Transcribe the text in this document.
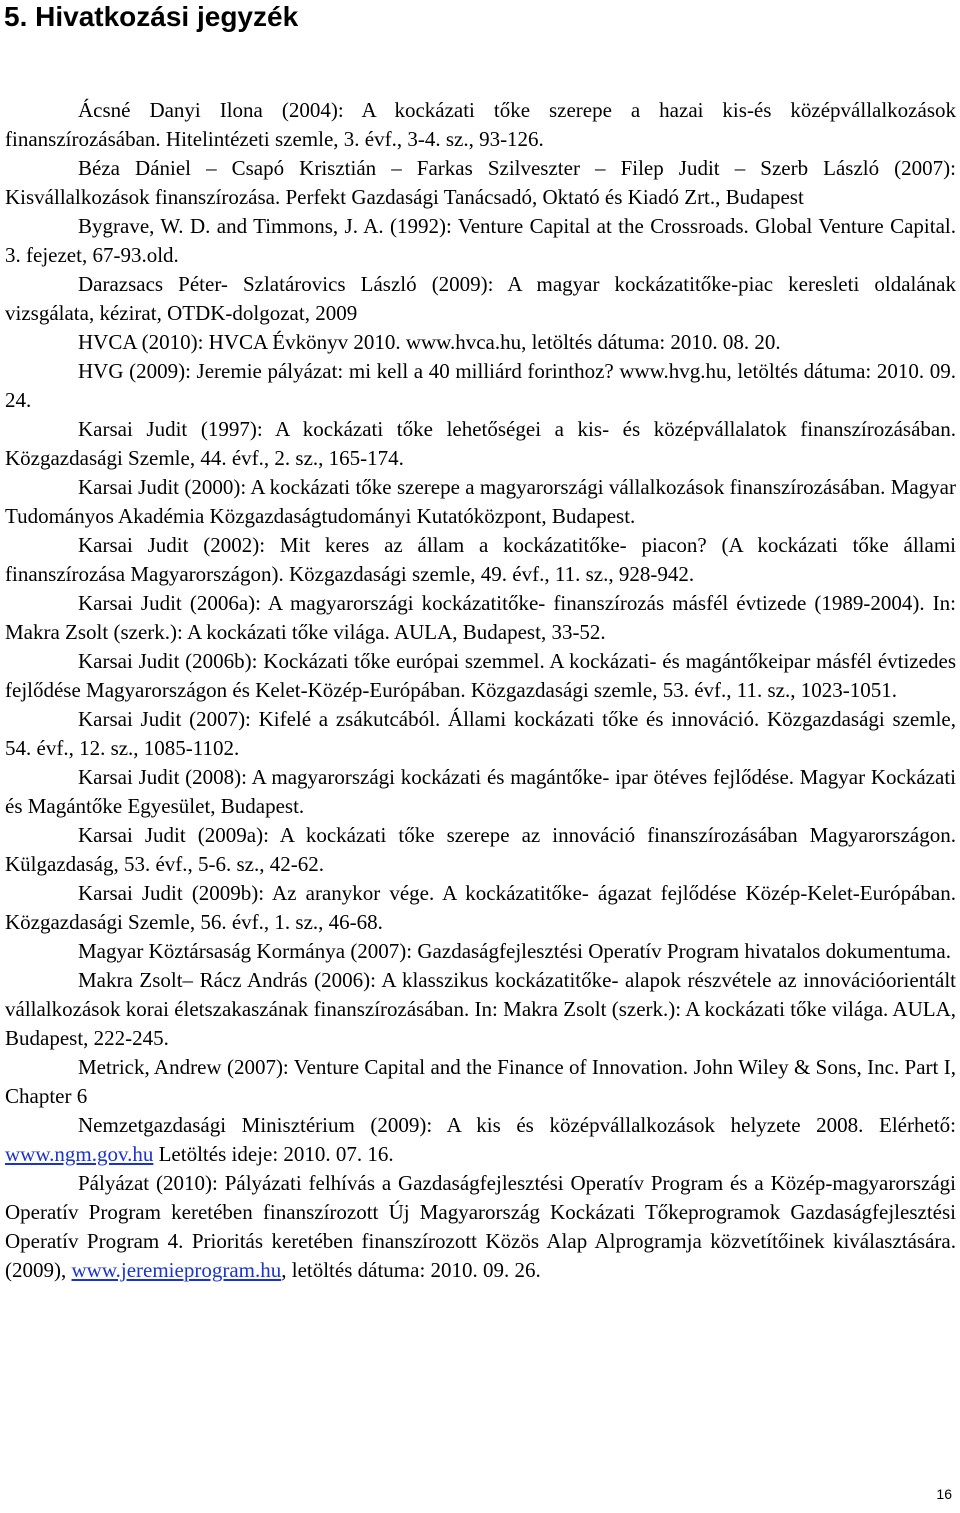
5. Hivatkozási jegyzék

Ácsné Danyi Ilona (2004): A kockázati tőke szerepe a hazai kis-és középvállalkozások finanszírozásában. Hitelintézeti szemle, 3. évf., 3-4. sz., 93-126.

Béza Dániel – Csapó Krisztián – Farkas Szilveszter – Filep Judit – Szerb László (2007): Kisvállalkozások finanszírozása. Perfekt Gazdasági Tanácsadó, Oktató és Kiadó Zrt., Budapest

Bygrave, W. D. and Timmons, J. A. (1992): Venture Capital at the Crossroads. Global Venture Capital. 3. fejezet, 67-93.old.

Darazsacs Péter- Szlatárovics László (2009): A magyar kockázatitőke-piac keresleti oldalának vizsgálata, kézirat, OTDK-dolgozat, 2009

HVCA (2010): HVCA Évkönyv 2010. www.hvca.hu, letöltés dátuma: 2010. 08. 20.

HVG (2009): Jeremie pályázat: mi kell a 40 milliárd forinthoz? www.hvg.hu, letöltés dátuma: 2010. 09. 24.

Karsai Judit (1997): A kockázati tőke lehetőségei a kis- és középvállalatok finanszírozásában. Közgazdasági Szemle, 44. évf., 2. sz., 165-174.

Karsai Judit (2000): A kockázati tőke szerepe a magyarországi vállalkozások finanszírozásában. Magyar Tudományos Akadémia Közgazdaságtudományi Kutatóközpont, Budapest.

Karsai Judit (2002): Mit keres az állam a kockázatitőke- piacon? (A kockázati tőke állami finanszírozása Magyarországon). Közgazdasági szemle, 49. évf., 11. sz., 928-942.

Karsai Judit (2006a): A magyarországi kockázatitőke- finanszírozás másfél évtizede (1989-2004). In: Makra Zsolt (szerk.): A kockázati tőke világa. AULA, Budapest, 33-52.

Karsai Judit (2006b): Kockázati tőke európai szemmel. A kockázati- és magántőkeipar másfél évtizedes fejlődése Magyarországon és Kelet-Közép-Európában. Közgazdasági szemle, 53. évf., 11. sz., 1023-1051.

Karsai Judit (2007): Kifelé a zsákutcából. Állami kockázati tőke és innováció. Közgazdasági szemle, 54. évf., 12. sz., 1085-1102.

Karsai Judit (2008): A magyarországi kockázati és magántőke- ipar ötéves fejlődése. Magyar Kockázati és Magántőke Egyesület, Budapest.

Karsai Judit (2009a): A kockázati tőke szerepe az innováció finanszírozásában Magyarországon. Külgazdaság, 53. évf., 5-6. sz., 42-62.

Karsai Judit (2009b): Az aranykor vége. A kockázatitőke- ágazat fejlődése Közép-Kelet-Európában. Közgazdasági Szemle, 56. évf., 1. sz., 46-68.

Magyar Köztársaság Kormánya (2007): Gazdaságfejlesztési Operatív Program hivatalos dokumentuma.

Makra Zsolt– Rácz András (2006): A klasszikus kockázatitőke- alapok részvétele az innovációorientált vállalkozások korai életszakaszának finanszírozásában. In: Makra Zsolt (szerk.): A kockázati tőke világa. AULA, Budapest, 222-245.

Metrick, Andrew (2007): Venture Capital and the Finance of Innovation. John Wiley & Sons, Inc. Part I, Chapter 6

Nemzetgazdasági Minisztérium (2009): A kis és középvállalkozások helyzete 2008. Elérhető: www.ngm.gov.hu Letöltés ideje: 2010. 07. 16.

Pályázat (2010): Pályázati felhívás a Gazdaságfejlesztési Operatív Program és a Közép-magyarországi Operatív Program keretében finanszírozott Új Magyarország Kockázati Tőkeprogramok Gazdaságfejlesztési Operatív Program 4. Prioritás keretében finanszírozott Közös Alap Alprogramja közvetítőinek kiválasztására. (2009), www.jeremieprogram.hu, letöltés dátuma: 2010. 09. 26.

16
